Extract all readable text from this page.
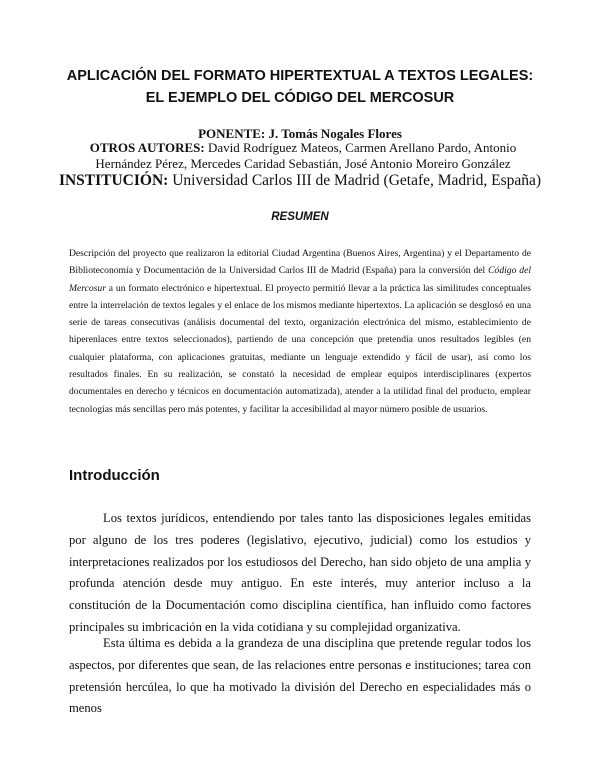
APLICACIÓN DEL FORMATO HIPERTEXTUAL A TEXTOS LEGALES:
EL EJEMPLO DEL CÓDIGO DEL MERCOSUR
PONENTE: J. Tomás Nogales Flores
OTROS AUTORES: David Rodríguez Mateos, Carmen Arellano Pardo, Antonio Hernández Pérez, Mercedes Caridad Sebastián, José Antonio Moreiro González
INSTITUCIÓN: Universidad Carlos III de Madrid (Getafe, Madrid, España)
RESUMEN

Descripción del proyecto que realizaron la editorial Ciudad Argentina (Buenos Aires, Argentina) y el Departamento de Biblioteconomía y Documentación de la Universidad Carlos III de Madrid (España) para la conversión del Código del Mercosur a un formato electrónico e hipertextual. El proyecto permitió llevar a la práctica las similitudes conceptuales entre la interrelación de textos legales y el enlace de los mismos mediante hipertextos. La aplicación se desglosó en una serie de tareas consecutivas (análisis documental del texto, organización electrónica del mismo, establecimiento de hiperenlaces entre textos seleccionados), partiendo de una concepción que pretendía unos resultados legibles (en cualquier plataforma, con aplicaciones gratuitas, mediante un lenguaje extendido y fácil de usar), así como los resultados finales. En su realización, se constató la necesidad de emplear equipos interdisciplinares (expertos documentales en derecho y técnicos en documentación automatizada), atender a la utilidad final del producto, emplear tecnologías más sencillas pero más potentes, y facilitar la accesibilidad al mayor número posible de usuarios.

Introducción

Los textos jurídicos, entendiendo por tales tanto las disposiciones legales emitidas por alguno de los tres poderes (legislativo, ejecutivo, judicial) como los estudios y interpretaciones realizados por los estudiosos del Derecho, han sido objeto de una amplia y profunda atención desde muy antiguo. En este interés, muy anterior incluso a la constitución de la Documentación como disciplina científica, han influido como factores principales su imbricación en la vida cotidiana y su complejidad organizativa.

Esta última es debida a la grandeza de una disciplina que pretende regular todos los aspectos, por diferentes que sean, de las relaciones entre personas e instituciones; tarea con pretensión hercúlea, lo que ha motivado la división del Derecho en especialidades más o menos
